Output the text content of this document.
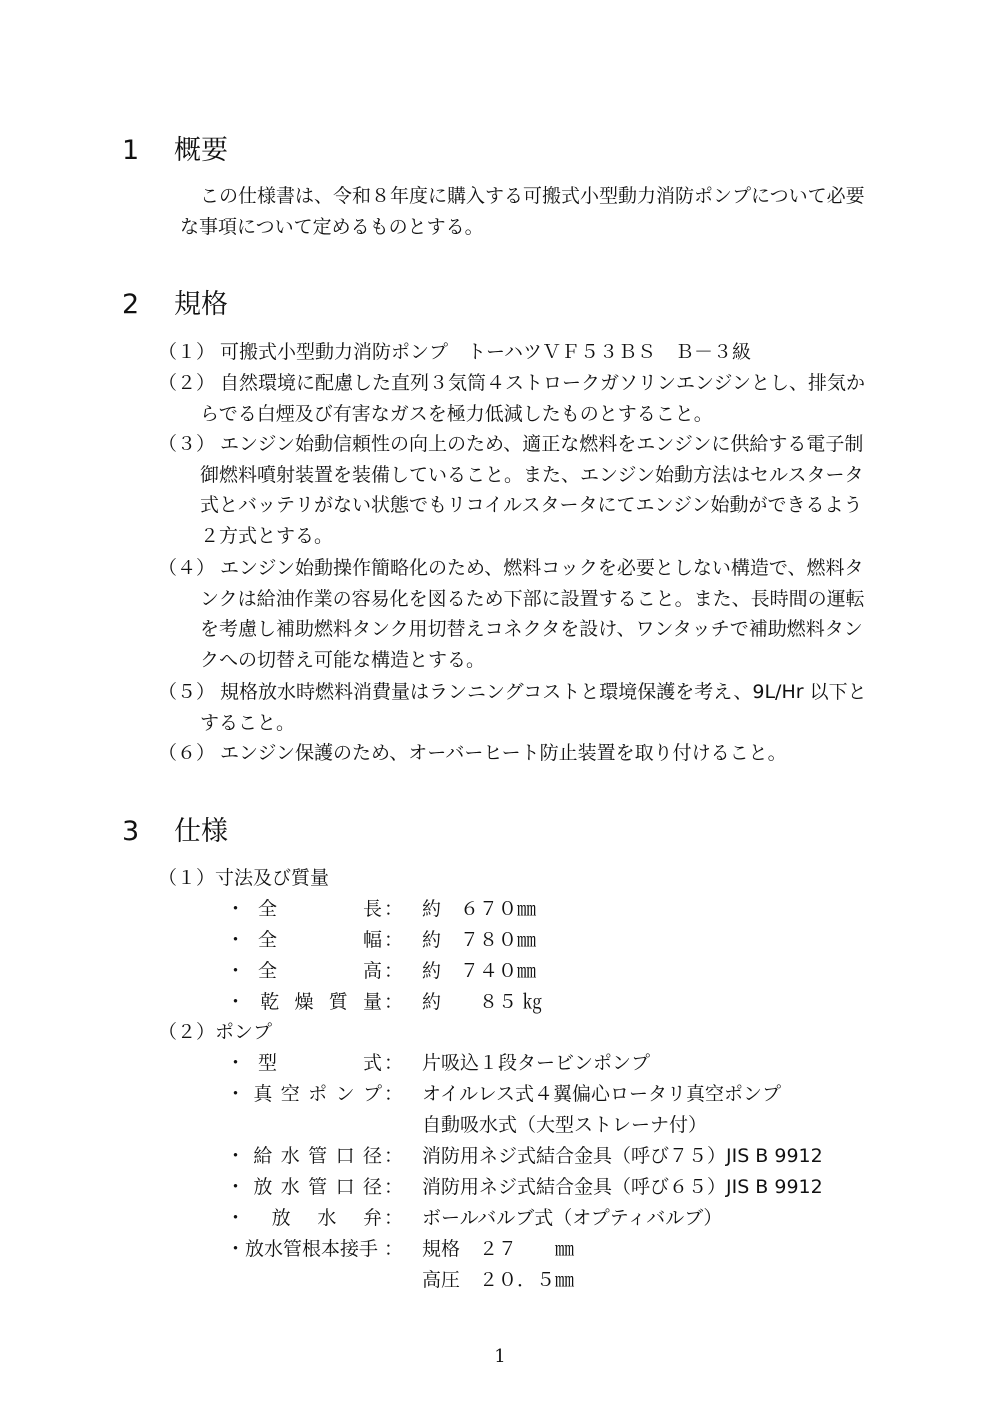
1 概要
この仕様書は、令和８年度に購入する可搬式小型動力消防ポンプについて必要な事項について定めるものとする。
2 規格
（１） 可搬式小型動力消防ポンプ　トーハツＶＦ５３ＢＳ　Ｂ－３級
（２） 自然環境に配慮した直列３気筒４ストロークガソリンエンジンとし、排気からでる白煙及び有害なガスを極力低減したものとすること。
（３） エンジン始動信頼性の向上のため、適正な燃料をエンジンに供給する電子制御燃料噴射装置を装備していること。また、エンジン始動方法はセルスタータ式とバッテリがない状態でもリコイルスタータにてエンジン始動ができるよう２方式とする。
（４） エンジン始動操作簡略化のため、燃料コックを必要としない構造で、燃料タンクは給油作業の容易化を図るため下部に設置すること。また、長時間の運転を考慮し補助燃料タンク用切替えコネクタを設け、ワンタッチで補助燃料タンクへの切替え可能な構造とする。
（５） 規格放水時燃料消費量はランニングコストと環境保護を考え、9L/Hr 以下とすること。
（６） エンジン保護のため、オーバーヒート防止装置を取り付けること。
3 仕様
（１）寸法及び質量
・ 全	長 ： 約　６７０㎜
・ 全	幅 ： 約　７８０㎜
・ 全	高 ： 約　７４０㎜
・ 乾 燥 質 量 ： 約　　８５ ㎏
（２）ポンプ
・ 型	式 ： 片吸込１段タービンポンプ
・ 真 空 ポ ン プ ： オイルレス式４翼偏心ロータリ真空ポンプ
自動吸水式（大型ストレーナ付）
・ 給 水 管 口 径 ： 消防用ネジ式結合金具（呼び７５）JIS B 9912
・ 放 水 管 口 径 ： 消防用ネジ式結合金具（呼び６５）JIS B 9912
・ 放 水 弁 ： ボールバルブ式（オプティバルブ）
・ 放水管根本接手 ： 規格　２７　　㎜
高圧　２０．５㎜
1
